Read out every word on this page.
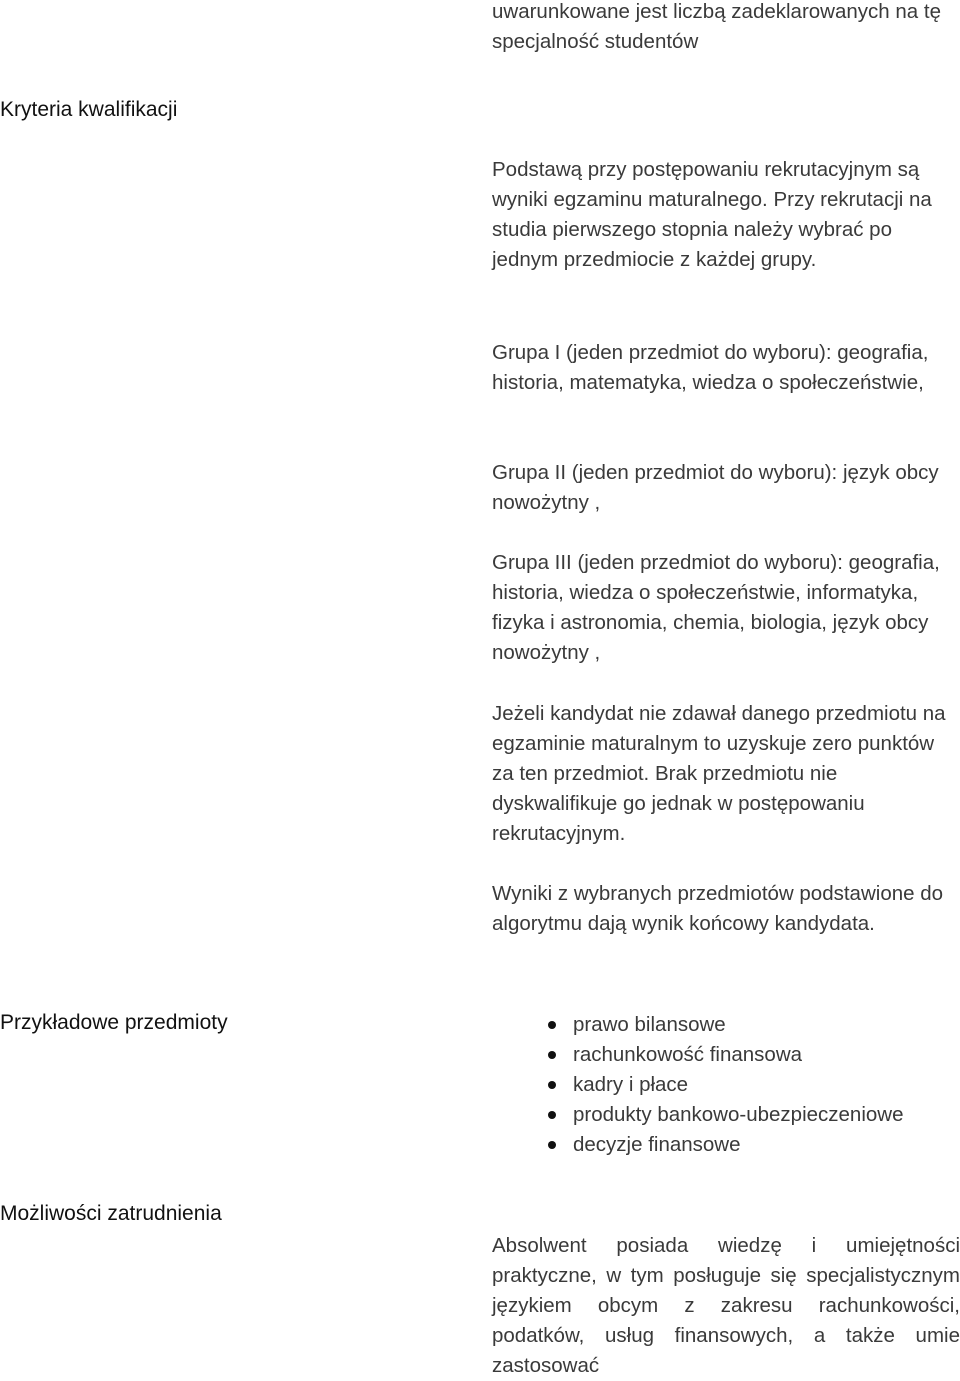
uwarunkowane jest liczbą zadeklarowanych na tę specjalność studentów

Kryteria kwalifikacji

Podstawą przy postępowaniu rekrutacyjnym są wyniki egzaminu maturalnego. Przy rekrutacji na studia pierwszego stopnia należy wybrać po jednym przedmiocie z każdej grupy.

Grupa I (jeden przedmiot do wyboru): geografia, historia, matematyka, wiedza o społeczeństwie,

Grupa II (jeden przedmiot do wyboru): język obcy nowożytny ,

Grupa III (jeden przedmiot do wyboru): geografia, historia, wiedza o społeczeństwie, informatyka, fizyka i astronomia, chemia, biologia, język obcy nowożytny ,

Jeżeli kandydat nie zdawał danego przedmiotu na egzaminie maturalnym to uzyskuje zero punktów za ten przedmiot. Brak przedmiotu nie dyskwalifikuje go jednak w postępowaniu rekrutacyjnym.

Wyniki z wybranych przedmiotów podstawione do algorytmu dają wynik końcowy kandydata.

Przykładowe przedmioty	prawo bilansowe
rachunkowość finansowa
kadry i płace
produkty bankowo-ubezpieczeniowe
decyzje finansowe
Możliwości zatrudnienia

Absolwent posiada wiedzę i umiejętności praktyczne, w tym posługuje się specjalistycznym językiem obcym z zakresu rachunkowości, podatków, usług finansowych, a także umie zastosować
